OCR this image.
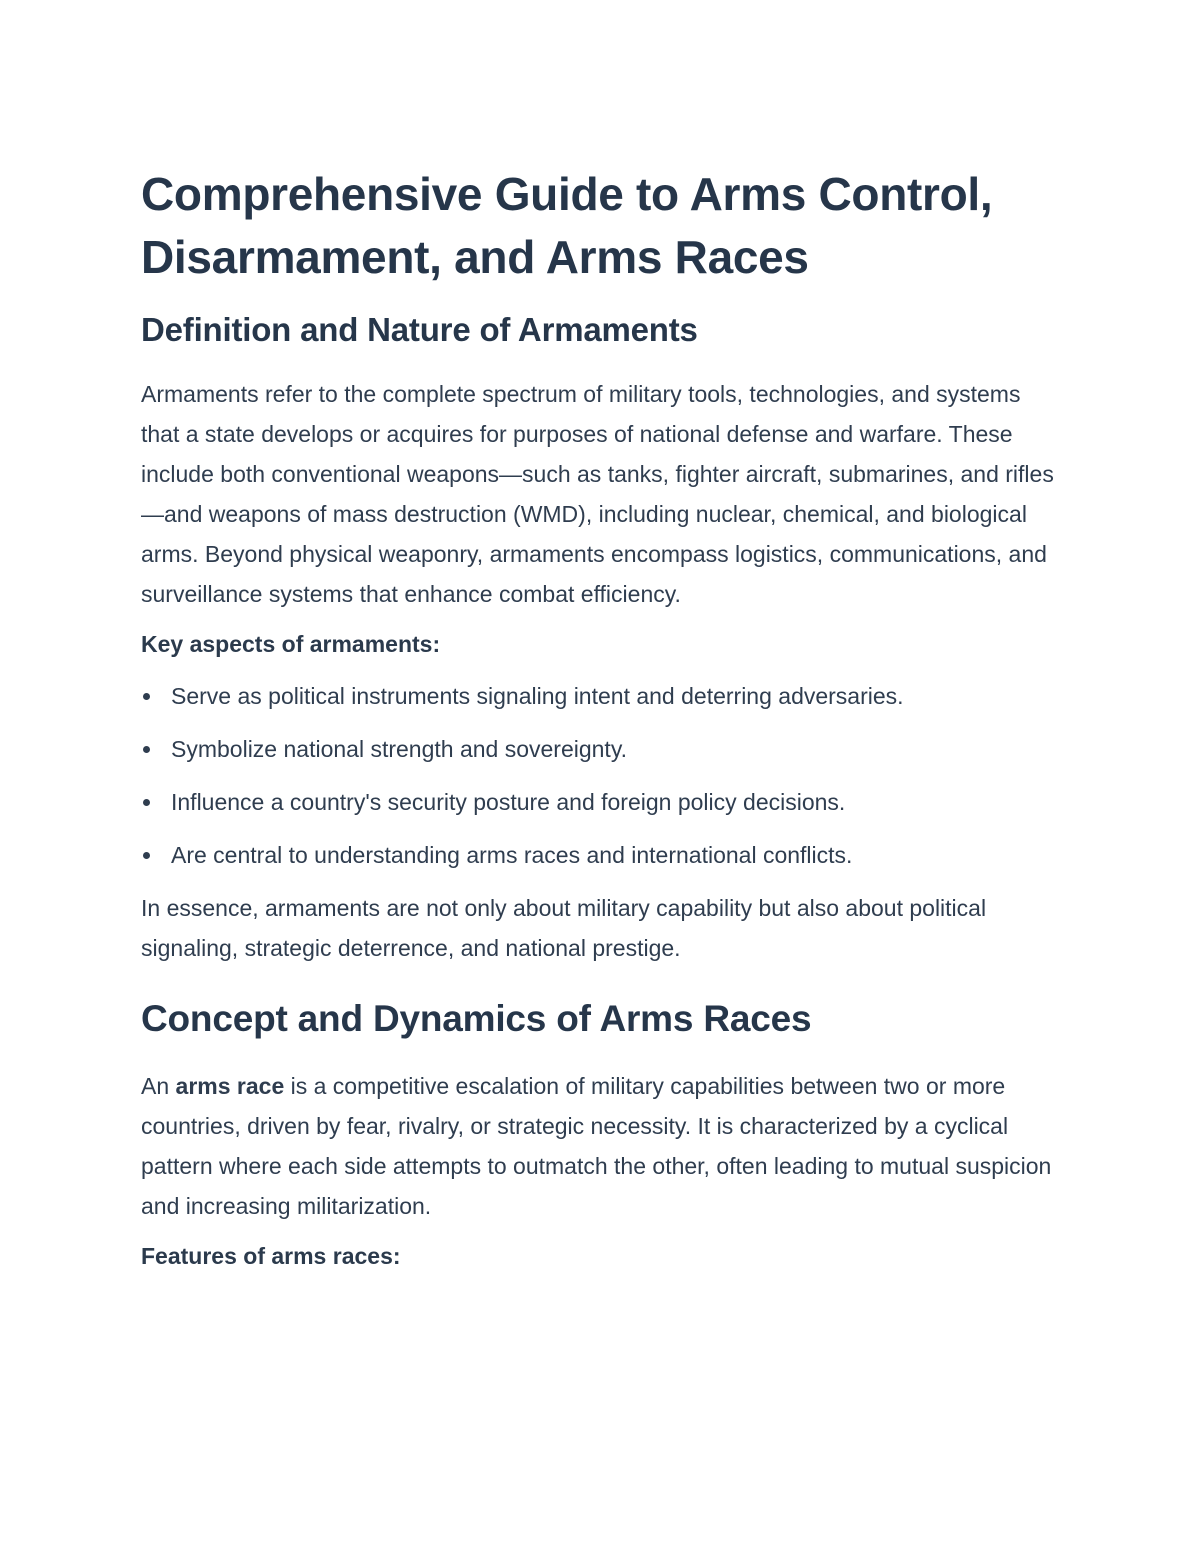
Comprehensive Guide to Arms Control, Disarmament, and Arms Races
Definition and Nature of Armaments

Armaments refer to the complete spectrum of military tools, technologies, and systems that a state develops or acquires for purposes of national defense and warfare. These include both conventional weapons—such as tanks, fighter aircraft, submarines, and rifles—and weapons of mass destruction (WMD), including nuclear, chemical, and biological arms. Beyond physical weaponry, armaments encompass logistics, communications, and surveillance systems that enhance combat efficiency.

Key aspects of armaments:

Serve as political instruments signaling intent and deterring adversaries.
Symbolize national strength and sovereignty.
Influence a country's security posture and foreign policy decisions.
Are central to understanding arms races and international conflicts.

In essence, armaments are not only about military capability but also about political signaling, strategic deterrence, and national prestige.

Concept and Dynamics of Arms Races

An arms race is a competitive escalation of military capabilities between two or more countries, driven by fear, rivalry, or strategic necessity. It is characterized by a cyclical pattern where each side attempts to outmatch the other, often leading to mutual suspicion and increasing militarization.

Features of arms races:
